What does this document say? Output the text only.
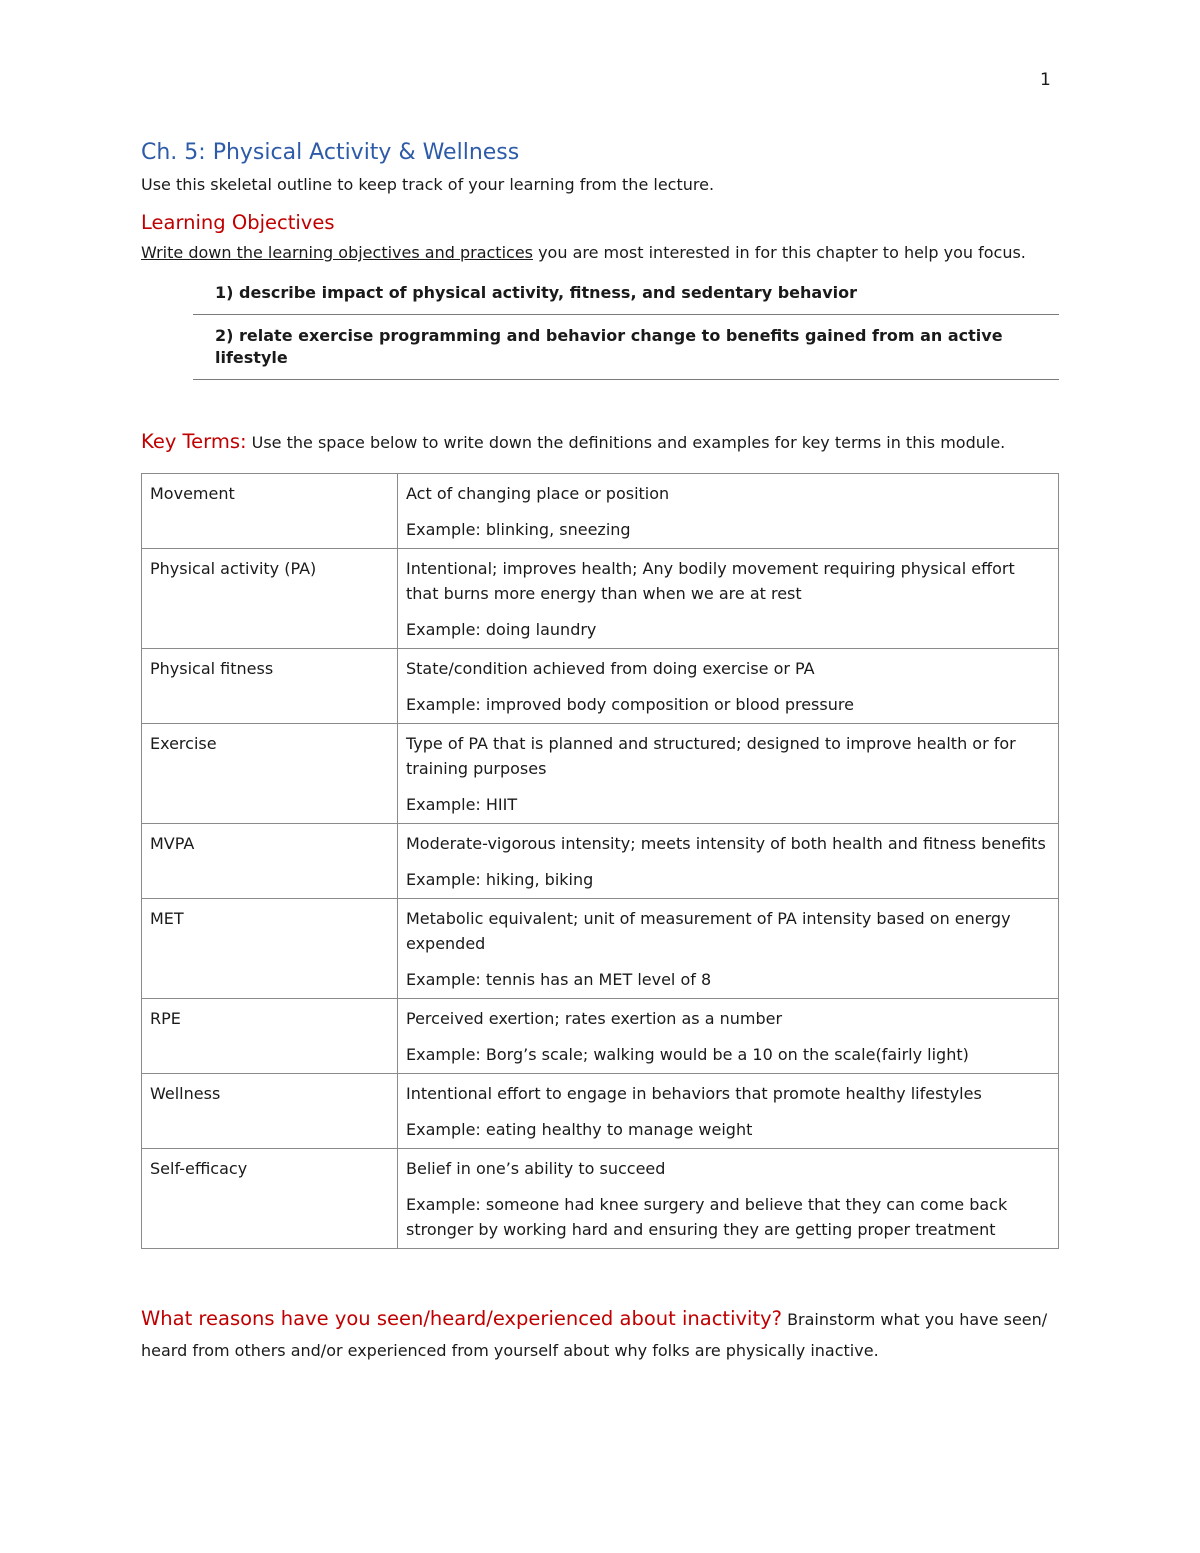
1
Ch. 5: Physical Activity & Wellness

Use this skeletal outline to keep track of your learning from the lecture.

Learning Objectives

Write down the learning objectives and practices you are most interested in for this chapter to help you focus.

1) describe impact of physical activity, fitness, and sedentary behavior
2) relate exercise programming and behavior change to benefits gained from an active lifestyle
Key Terms: Use the space below to write down the definitions and examples for key terms in this module.
Movement	Act of changing place or position

Example: blinking, sneezing

Physical activity (PA)	Intentional; improves health; Any bodily movement requiring physical effort that burns more energy than when we are at rest

Example: doing laundry

Physical fitness	State/condition achieved from doing exercise or PA

Example: improved body composition or blood pressure

Exercise	Type of PA that is planned and structured; designed to improve health or for training purposes

Example: HIIT

MVPA	Moderate-vigorous intensity; meets intensity of both health and fitness benefits

Example: hiking, biking

MET	Metabolic equivalent; unit of measurement of PA intensity based on energy expended

Example: tennis has an MET level of 8

RPE	Perceived exertion; rates exertion as a number

Example: Borg’s scale; walking would be a 10 on the scale(fairly light)

Wellness	Intentional effort to engage in behaviors that promote healthy lifestyles

Example: eating healthy to manage weight

Self-efficacy	Belief in one’s ability to succeed

Example: someone had knee surgery and believe that they can come back stronger by working hard and ensuring they are getting proper treatment

What reasons have you seen/heard/experienced about inactivity? Brainstorm what you have seen/ heard from others and/or experienced from yourself about why folks are physically inactive.
